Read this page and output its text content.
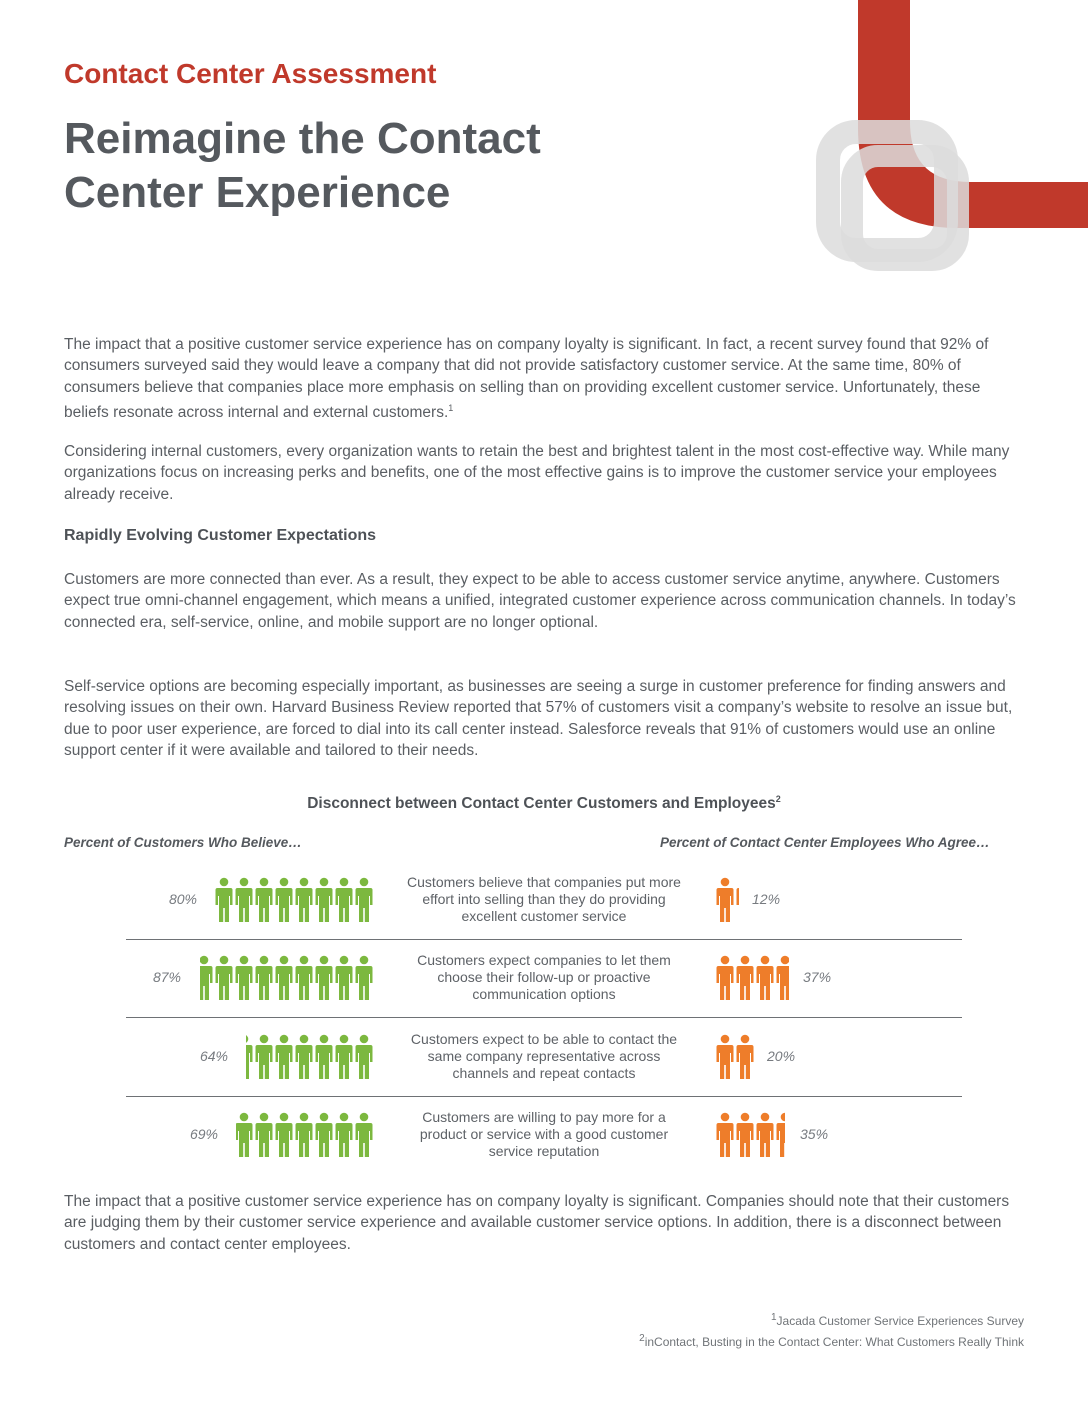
Contact Center Assessment
Reimagine the Contact Center Experience

The impact that a positive customer service experience has on company loyalty is significant. In fact, a recent survey found that 92% of consumers surveyed said they would leave a company that did not provide satisfactory customer service. At the same time, 80% of consumers believe that companies place more emphasis on selling than on providing excellent customer service. Unfortunately, these beliefs resonate across internal and external customers.$^1$

Considering internal customers, every organization wants to retain the best and brightest talent in the most cost-effective way. While many organizations focus on increasing perks and benefits, one of the most effective gains is to improve the customer service your employees already receive.

Rapidly Evolving Customer Expectations

Customers are more connected than ever. As a result, they expect to be able to access customer service anytime, anywhere. Customers expect true omni-channel engagement, which means a unified, integrated customer experience across communication channels. In today’s connected era, self-service, online, and mobile support are no longer optional.

Self-service options are becoming especially important, as businesses are seeing a surge in customer preference for finding answers and resolving issues on their own. Harvard Business Review reported that 57% of customers visit a company’s website to resolve an issue but, due to poor user experience, are forced to dial into its call center instead. Salesforce reveals that 91% of customers would use an online support center if it were available and tailored to their needs.

Disconnect between Contact Center Customers and Employees$^2$

Percent of Customers Who Believe…	Percent of Contact Center Employees Who Agree…

80%
Customers believe that companies put more effort into selling than they do providing excellent customer service
12%
87%
Customers expect companies to let them choose their follow-up or proactive communication options
37%
64%
Customers expect to be able to contact the same company representative across channels and repeat contacts
20%
69%
Customers are willing to pay more for a product or service with a good customer service reputation
35%

The impact that a positive customer service experience has on company loyalty is significant. Companies should note that their customers are judging them by their customer service experience and available customer service options. In addition, there is a disconnect between customers and contact center employees.

$^1$Jacada Customer Service Experiences Survey

$^2$inContact, Busting in the Contact Center: What Customers Really Think
